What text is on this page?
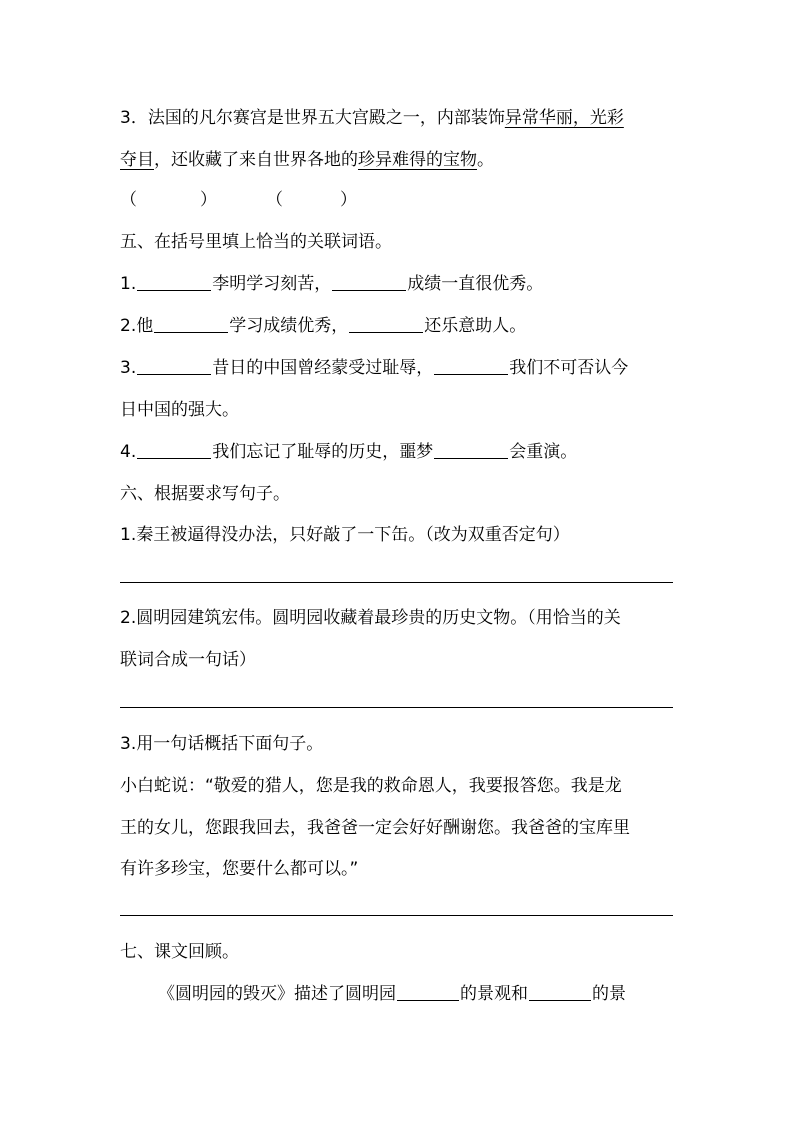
3．法国的凡尔赛宫是世界五大宫殿之一，内部装饰异常华丽，光彩
夺目，还收藏了来自世界各地的珍异难得的宝物。
（	）	（	）
五、在括号里填上恰当的关联词语。
1.	李明学习刻苦，	成绩一直很优秀。
2.他	学习成绩优秀，	还乐意助人。
3.	昔日的中国曾经蒙受过耻辱，	我们不可否认今
日中国的强大。
4.	我们忘记了耻辱的历史，噩梦	会重演。
六、根据要求写句子。
1.秦王被逼得没办法，只好敲了一下缶。（改为双重否定句）
2.圆明园建筑宏伟。圆明园收藏着最珍贵的历史文物。（用恰当的关
联词合成一句话）
3.用一句话概括下面句子。
小白蛇说：“敬爱的猎人，您是我的救命恩人，我要报答您。我是龙
王的女儿，您跟我回去，我爸爸一定会好好酬谢您。我爸爸的宝库里
有许多珍宝，您要什么都可以。”
七、课文回顾。
《圆明园的毁灭》描述了圆明园	的景观和	的景
